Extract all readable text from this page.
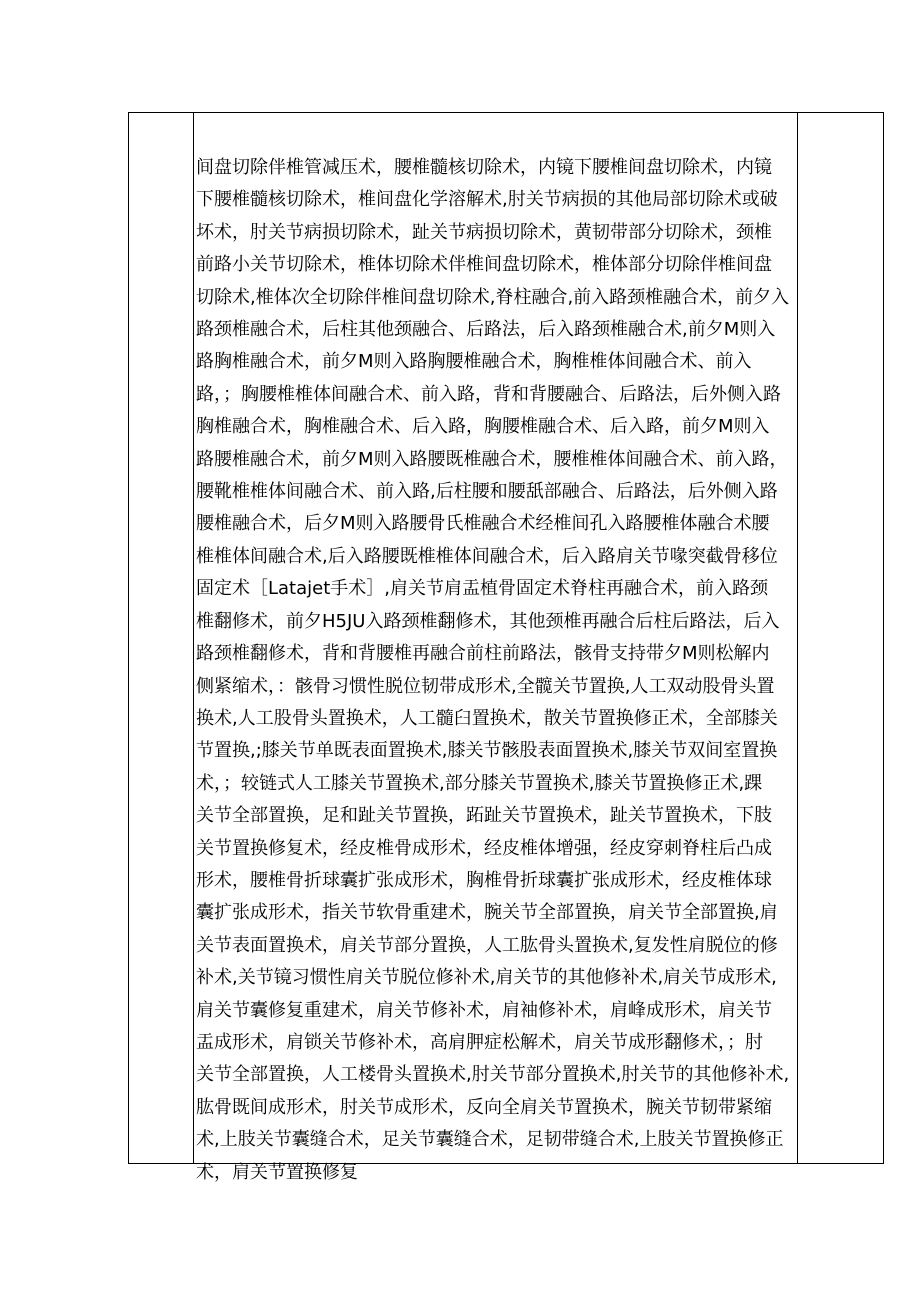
间盘切除伴椎管减压术，腰椎髓核切除术，内镜下腰椎间盘切除术，内镜
下腰椎髓核切除术，椎间盘化学溶解术,肘关节病损的其他局部切除术或破
坏术，肘关节病损切除术，趾关节病损切除术，黄韧带部分切除术，颈椎
前路小关节切除术，椎体切除术伴椎间盘切除术，椎体部分切除伴椎间盘
切除术,椎体次全切除伴椎间盘切除术,脊柱融合,前入路颈椎融合术，前夕入
路颈椎融合术，后柱其他颈融合、后路法，后入路颈椎融合术,前夕M则入
路胸椎融合术，前夕M则入路胸腰椎融合术，胸椎椎体间融合术、前入
路，；胸腰椎椎体间融合术、前入路，背和背腰融合、后路法，后外侧入路
胸椎融合术，胸椎融合术、后入路，胸腰椎融合术、后入路，前夕M则入
路腰椎融合术，前夕M则入路腰既椎融合术，腰椎椎体间融合术、前入路，
腰靴椎椎体间融合术、前入路,后柱腰和腰舐部融合、后路法，后外侧入路
腰椎融合术，后夕M则入路腰骨氏椎融合术经椎间孔入路腰椎体融合术腰
椎椎体间融合术,后入路腰既椎椎体间融合术，后入路肩关节喙突截骨移位
固定术［Latajet手术］,肩关节肩盂植骨固定术脊柱再融合术，前入路颈
椎翻修术，前夕H5JU入路颈椎翻修术，其他颈椎再融合后柱后路法，后入
路颈椎翻修术，背和背腰椎再融合前柱前路法，骸骨支持带夕M则松解内
侧紧缩术，：骸骨习惯性脱位韧带成形术,全髋关节置换,人工双动股骨头置
换术,人工股骨头置换术，人工髓臼置换术，散关节置换修正术，全部膝关
节置换,;膝关节单既表面置换术,膝关节骸股表面置换术,膝关节双间室置换
术，；较链式人工膝关节置换术,部分膝关节置换术,膝关节置换修正术,踝
关节全部置换，足和趾关节置换，跖趾关节置换术，趾关节置换术，下肢
关节置换修复术，经皮椎骨成形术，经皮椎体增强，经皮穿刺脊柱后凸成
形术，腰椎骨折球囊扩张成形术，胸椎骨折球囊扩张成形术，经皮椎体球
囊扩张成形术，指关节软骨重建术，腕关节全部置换，肩关节全部置换,肩
关节表面置换术，肩关节部分置换，人工肱骨头置换术,复发性肩脱位的修
补术,关节镜习惯性肩关节脱位修补术,肩关节的其他修补术,肩关节成形术,
肩关节囊修复重建术，肩关节修补术，肩袖修补术，肩峰成形术，肩关节
盂成形术，肩锁关节修补术，高肩胛症松解术，肩关节成形翻修术，；肘
关节全部置换，人工楼骨头置换术,肘关节部分置换术,肘关节的其他修补术,
肱骨既间成形术，肘关节成形术，反向全肩关节置换术，腕关节韧带紧缩
术,上肢关节囊缝合术，足关节囊缝合术，足韧带缝合术,上肢关节置换修正
术，肩关节置换修复
